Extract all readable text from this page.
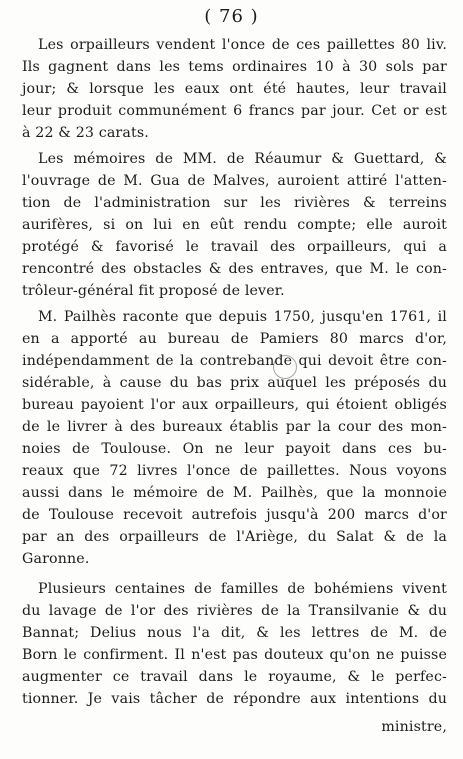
( 76 )
Les orpailleurs vendent l'once de ces paillettes 80 liv.
Ils gagnent dans les tems ordinaires 10 à 30 sols par
jour; & lorsque les eaux ont été hautes, leur travail
leur produit communément 6 francs par jour. Cet or est
à 22 & 23 carats.
Les mémoires de MM. de Réaumur & Guettard, &
l'ouvrage de M. Gua de Malves, auroient attiré l'atten-
tion de l'administration sur les rivières & terreins
aurifères, si on lui en eût rendu compte; elle auroit
protégé & favorisé le travail des orpailleurs, qui a
rencontré des obstacles & des entraves, que M. le con-
trôleur-général fit proposé de lever.
M. Pailhès raconte que depuis 1750, jusqu'en 1761, il
en a apporté au bureau de Pamiers 80 marcs d'or,
indépendamment de la contrebande qui devoit être con-
sidérable, à cause du bas prix auquel les préposés du
bureau payoient l'or aux orpailleurs, qui étoient obligés
de le livrer à des bureaux établis par la cour des mon-
noies de Toulouse. On ne leur payoit dans ces bu-
reaux que 72 livres l'once de paillettes. Nous voyons
aussi dans le mémoire de M. Pailhès, que la monnoie
de Toulouse recevoit autrefois jusqu'à 200 marcs d'or
par an des orpailleurs de l'Ariège, du Salat & de la
Garonne.
Plusieurs centaines de familles de bohémiens vivent
du lavage de l'or des rivières de la Transilvanie & du
Bannat; Delius nous l'a dit, & les lettres de M. de
Born le confirment. Il n'est pas douteux qu'on ne puisse
augmenter ce travail dans le royaume, & le perfec-
tionner. Je vais tâcher de répondre aux intentions du
ministre,
